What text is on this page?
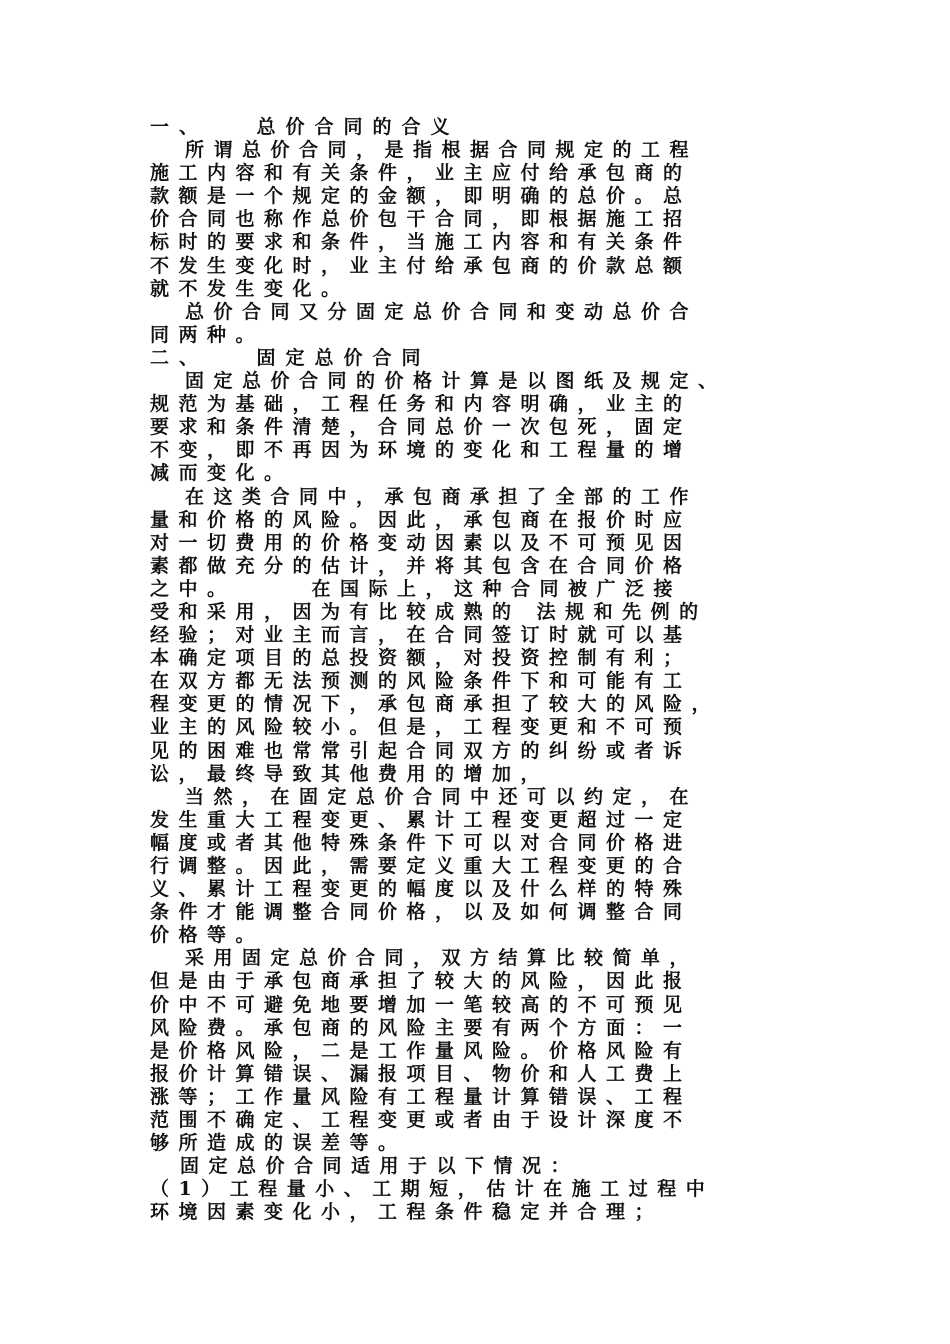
一、　　总价合同的合义
所谓总价合同，是指根据合同规定的工程
施工内容和有关条件，业主应付给承包商的
款额是一个规定的金额，即明确的总价。总
价合同也称作总价包干合同，即根据施工招
标时的要求和条件，当施工内容和有关条件
不发生变化时，业主付给承包商的价款总额
就不发生变化。
总价合同又分固定总价合同和变动总价合
同两种。
二、　　固定总价合同
固定总价合同的价格计算是以图纸及规定、
规范为基础，工程任务和内容明确，业主的
要求和条件清楚，合同总价一次包死，固定
不变，即不再因为环境的变化和工程量的增
减而变化。
在这类合同中，承包商承担了全部的工作
量和价格的风险。因此，承包商在报价时应
对一切费用的价格变动因素以及不可预见因
素都做充分的估计，并将其包含在合同价格
之中。　　　在国际上，这种合同被广泛接
受和采用，因为有比较成熟的 法规和先例的
经验；对业主而言，在合同签订时就可以基
本确定项目的总投资额，对投资控制有利；
在双方都无法预测的风险条件下和可能有工
程变更的情况下，承包商承担了较大的风险，
业主的风险较小。但是，工程变更和不可预
见的困难也常常引起合同双方的纠纷或者诉
讼，最终导致其他费用的增加，
当然，在固定总价合同中还可以约定，在
发生重大工程变更、累计工程变更超过一定
幅度或者其他特殊条件下可以对合同价格进
行调整。因此，需要定义重大工程变更的合
义、累计工程变更的幅度以及什么样的特殊
条件才能调整合同价格，以及如何调整合同
价格等。
采用固定总价合同，双方结算比较简单，
但是由于承包商承担了较大的风险，因此报
价中不可避免地要增加一笔较高的不可预见
风险费。承包商的风险主要有两个方面：一
是价格风险，二是工作量风险。价格风险有
报价计算错误、漏报项目、物价和人工费上
涨等；工作量风险有工程量计算错误、工程
范围不确定、工程变更或者由于设计深度不
够所造成的误差等。
固定总价合同适用于以下情况：
（1）工程量小、工期短，估计在施工过程中
环境因素变化小，工程条件稳定并合理；
